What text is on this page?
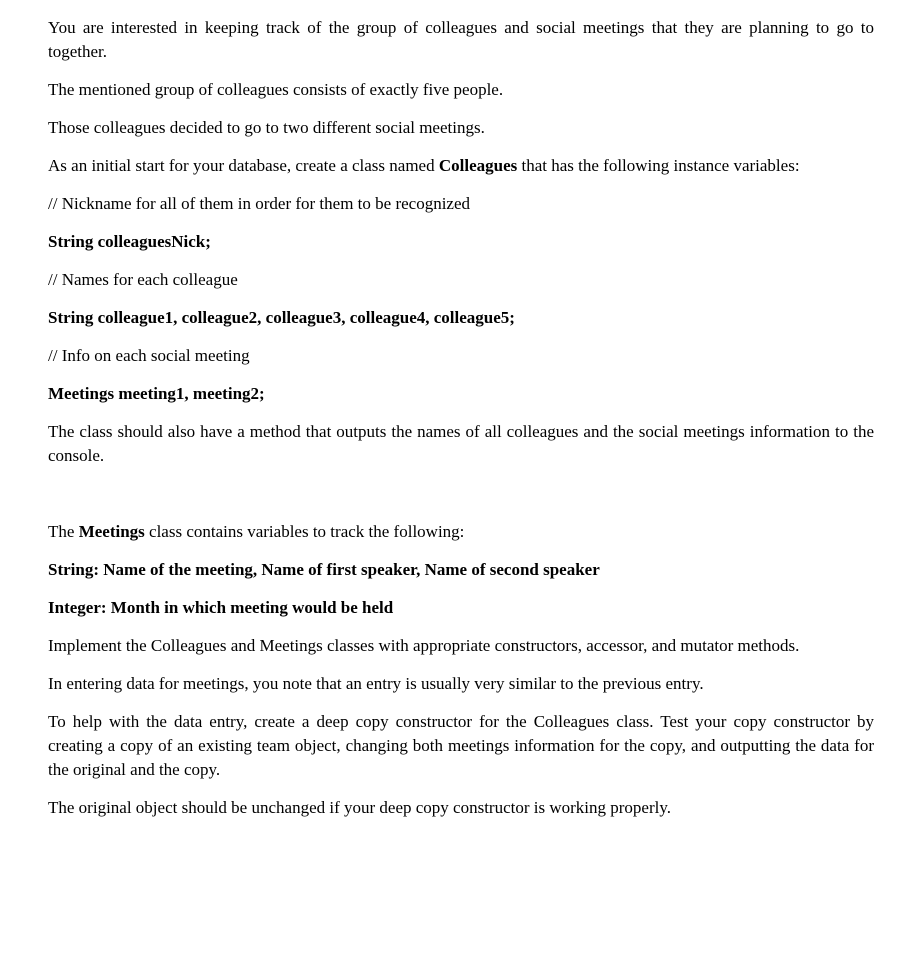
You are interested in keeping track of the group of colleagues and social meetings that they are planning to go to together.

The mentioned group of colleagues consists of exactly five people.

Those colleagues decided to go to two different social meetings.

As an initial start for your database, create a class named Colleagues that has the following instance variables:

// Nickname for all of them in order for them to be recognized

String colleaguesNick;

// Names for each colleague

String colleague1, colleague2, colleague3, colleague4, colleague5;

// Info on each social meeting

Meetings meeting1, meeting2;

The class should also have a method that outputs the names of all colleagues and the social meetings information to the console.

The Meetings class contains variables to track the following:

String: Name of the meeting, Name of first speaker, Name of second speaker

Integer: Month in which meeting would be held

Implement the Colleagues and Meetings classes with appropriate constructors, accessor, and mutator methods.

In entering data for meetings, you note that an entry is usually very similar to the previous entry.

To help with the data entry, create a deep copy constructor for the Colleagues class. Test your copy constructor by creating a copy of an existing team object, changing both meetings information for the copy, and outputting the data for the original and the copy.

The original object should be unchanged if your deep copy constructor is working properly.
